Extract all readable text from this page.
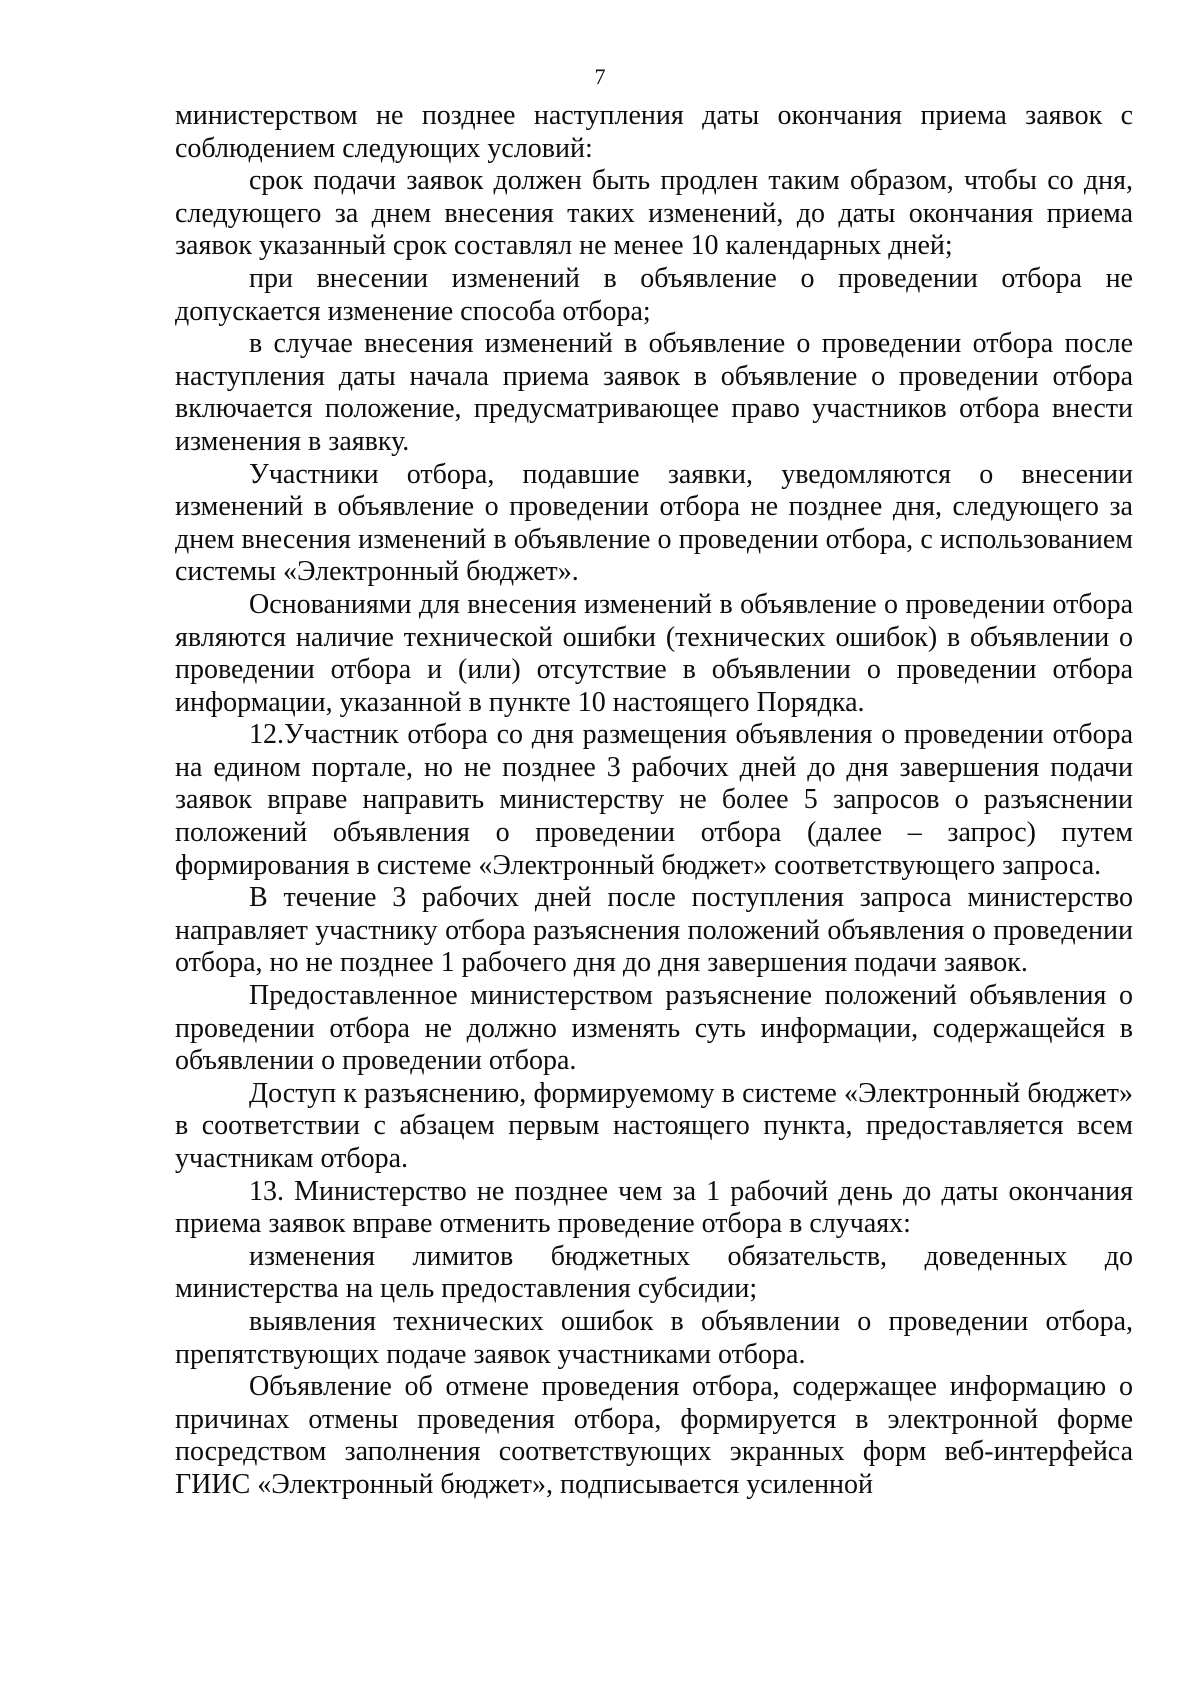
7

министерством не позднее наступления даты окончания приема заявок с соблюдением следующих условий:

срок подачи заявок должен быть продлен таким образом, чтобы со дня, следующего за днем внесения таких изменений, до даты окончания приема заявок указанный срок составлял не менее 10 календарных дней;

при внесении изменений в объявление о проведении отбора не допускается изменение способа отбора;

в случае внесения изменений в объявление о проведении отбора после наступления даты начала приема заявок в объявление о проведении отбора включается положение, предусматривающее право участников отбора внести изменения в заявку.

Участники отбора, подавшие заявки, уведомляются о внесении изменений в объявление о проведении отбора не позднее дня, следующего за днем внесения изменений в объявление о проведении отбора, с использованием системы «Электронный бюджет».

Основаниями для внесения изменений в объявление о проведении отбора являются наличие технической ошибки (технических ошибок) в объявлении о проведении отбора и (или) отсутствие в объявлении о проведении отбора информации, указанной в пункте 10 настоящего Порядка.

12.Участник отбора со дня размещения объявления о проведении отбора на едином портале, но не позднее 3 рабочих дней до дня завершения подачи заявок вправе направить министерству не более 5 запросов о разъяснении положений объявления о проведении отбора (далее – запрос) путем формирования в системе «Электронный бюджет» соответствующего запроса.

В течение 3 рабочих дней после поступления запроса министерство направляет участнику отбора разъяснения положений объявления о проведении отбора, но не позднее 1 рабочего дня до дня завершения подачи заявок.

Предоставленное министерством разъяснение положений объявления о проведении отбора не должно изменять суть информации, содержащейся в объявлении о проведении отбора.

Доступ к разъяснению, формируемому в системе «Электронный бюджет» в соответствии с абзацем первым настоящего пункта, предоставляется всем участникам отбора.

13. Министерство не позднее чем за 1 рабочий день до даты окончания приема заявок вправе отменить проведение отбора в случаях:

изменения лимитов бюджетных обязательств, доведенных до министерства на цель предоставления субсидии;

выявления технических ошибок в объявлении о проведении отбора, препятствующих подаче заявок участниками отбора.

Объявление об отмене проведения отбора, содержащее информацию о причинах отмены проведения отбора, формируется в электронной форме посредством заполнения соответствующих экранных форм веб-интерфейса ГИИС «Электронный бюджет», подписывается усиленной
